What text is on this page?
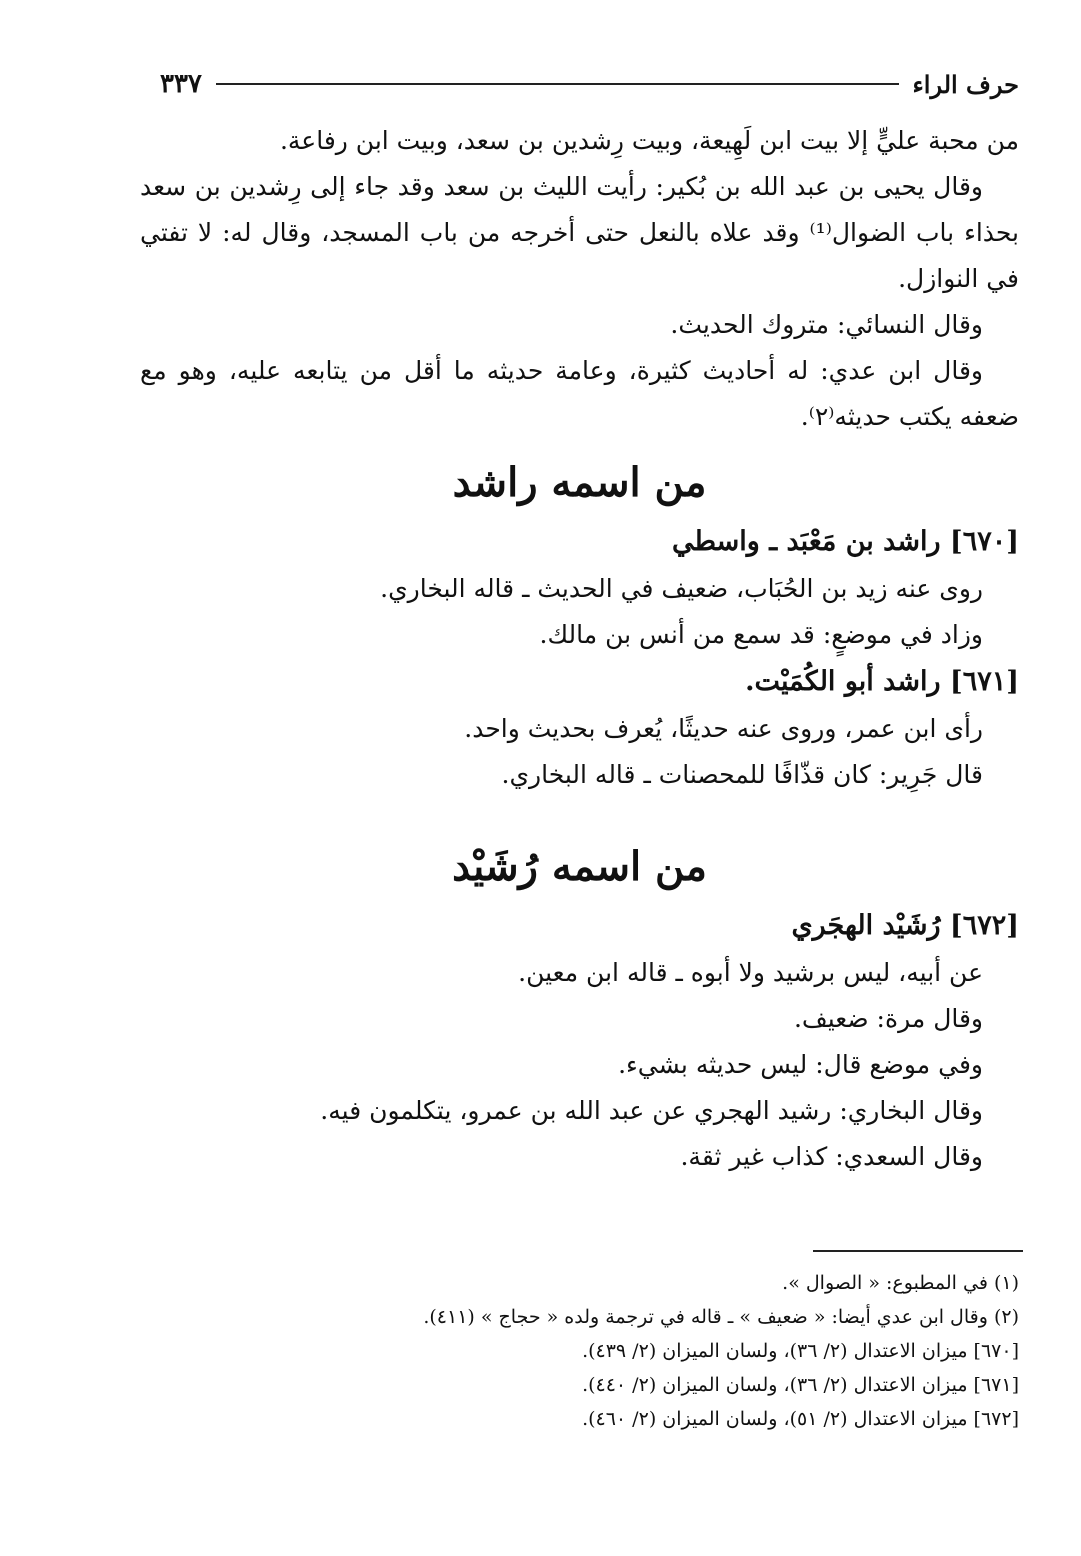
حرف الراء
٣٣٧

من محبة عليٍّ إلا بيت ابن لَهِيعة، وبيت رِشدين بن سعد، وبيت ابن رفاعة.

وقال يحيى بن عبد الله بن بُكير: رأيت الليث بن سعد وقد جاء إلى رِشدين بن سعد بحذاء باب الضوال⁽¹⁾ وقد علاه بالنعل حتى أخرجه من باب المسجد، وقال له: لا تفتي في النوازل.

وقال النسائي: متروك الحديث.

وقال ابن عدي: له أحاديث كثيرة، وعامة حديثه ما أقل من يتابعه عليه، وهو مع ضعفه يكتب حديثه⁽٢⁾.

من اسمه راشد

[٦٧٠] راشد بن مَعْبَد ـ واسطي

روى عنه زيد بن الحُبَاب، ضعيف في الحديث ـ قاله البخاري.

وزاد في موضعٍ: قد سمع من أنس بن مالك.

[٦٧١] راشد أبو الكُمَيْت.

رأى ابن عمر، وروى عنه حديثًا، يُعرف بحديث واحد.

قال جَرِير: كان قذّافًا للمحصنات ـ قاله البخاري.

من اسمه رُشَيْد

[٦٧٢] رُشَيْد الهجَري

عن أبيه، ليس برشيد ولا أبوه ـ قاله ابن معين.

وقال مرة: ضعيف.

وفي موضع قال: ليس حديثه بشيء.

وقال البخاري: رشيد الهجري عن عبد الله بن عمرو، يتكلمون فيه.

وقال السعدي: كذاب غير ثقة.

(١) في المطبوع: « الصوال ».

(٢) وقال ابن عدي أيضا: « ضعيف » ـ قاله في ترجمة ولده « حجاج » (٤١١).

[٦٧٠] ميزان الاعتدال (٢/ ٣٦)، ولسان الميزان (٢/ ٤٣٩).

[٦٧١] ميزان الاعتدال (٢/ ٣٦)، ولسان الميزان (٢/ ٤٤٠).

[٦٧٢] ميزان الاعتدال (٢/ ٥١)، ولسان الميزان (٢/ ٤٦٠).
